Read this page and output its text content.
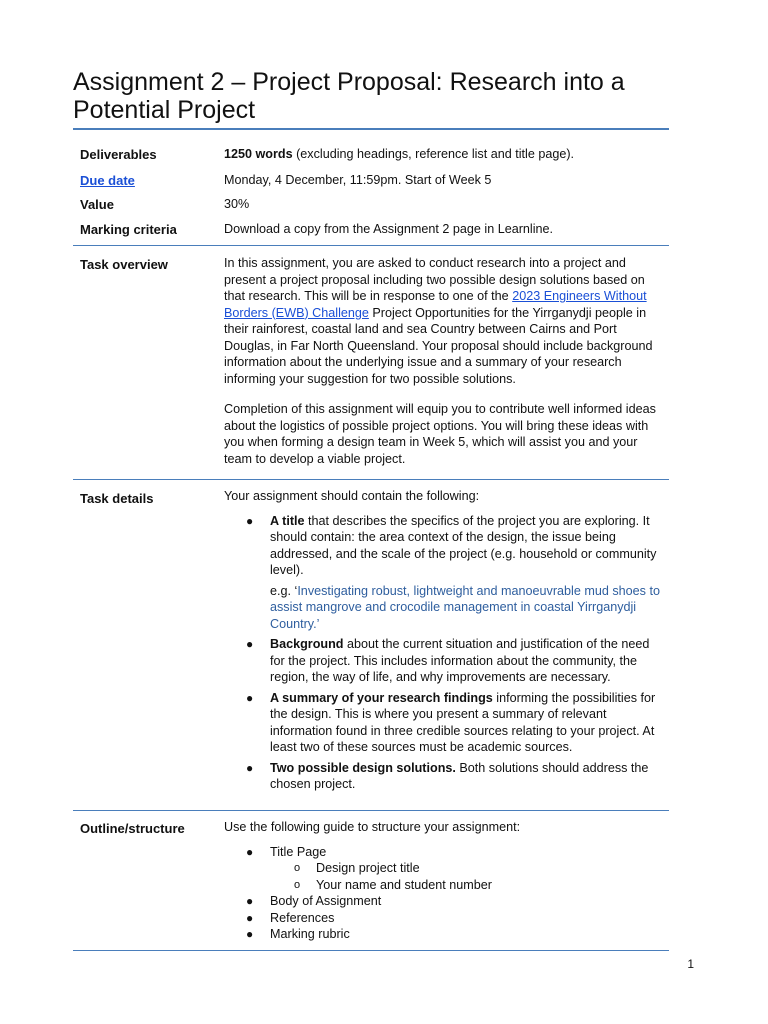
Assignment 2 – Project Proposal: Research into a Potential Project
Deliverables	1250 words (excluding headings, reference list and title page).
Due date	Monday, 4 December, 11:59pm. Start of Week 5
Value	30%
Marking criteria	Download a copy from the Assignment 2 page in Learnline.
Task overview	In this assignment, you are asked to conduct research into a project and present a project proposal including two possible design solutions based on that research. This will be in response to one of the 2023 Engineers Without Borders (EWB) Challenge Project Opportunities for the Yirrganydji people in their rainforest, coastal land and sea Country between Cairns and Port Douglas, in Far North Queensland. Your proposal should include background information about the underlying issue and a summary of your research informing your suggestion for two possible solutions.
Completion of this assignment will equip you to contribute well informed ideas about the logistics of possible project options. You will bring these ideas with you when forming a design team in Week 5, which will assist you and your team to develop a viable project.
Task details	Your assignment should contain the following:
● A title that describes the specifics of the project you are exploring. It should contain: the area context of the design, the issue being addressed, and the scale of the project (e.g. household or community level).
e.g. ‘Investigating robust, lightweight and manoeuvrable mud shoes to assist mangrove and crocodile management in coastal Yirrganydji Country.’
● Background about the current situation and justification of the need for the project. This includes information about the community, the region, the way of life, and why improvements are necessary.
● A summary of your research findings informing the possibilities for the design. This is where you present a summary of relevant information found in three credible sources relating to your project. At least two of these sources must be academic sources.
● Two possible design solutions. Both solutions should address the chosen project.
Outline/structure	Use the following guide to structure your assignment:
● Title Page
o Design project title
o Your name and student number
● Body of Assignment
● References
● Marking rubric
1
